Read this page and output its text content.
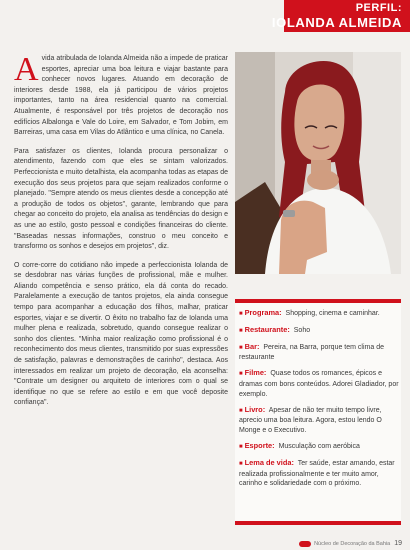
PERFIL:
IOLANDA ALMEIDA

Avida atribulada de Iolanda Almeida não a impede de praticar esportes, apreciar uma boa leitura e viajar bastante para conhecer novos lugares. Atuando em decoração de interiores desde 1988, ela já participou de vários projetos importantes, tanto na área residencial quanto na comercial. Atualmente, é responsável por três projetos de decoração nos edifícios Albalonga e Vale do Loire, em Salvador, e Tom Jobim, em Barreiras, uma casa em Vilas do Atlântico e uma clínica, no Canela.

Para satisfazer os clientes, Iolanda procura personalizar o atendimento, fazendo com que eles se sintam valorizados. Perfeccionista e muito detalhista, ela acompanha todas as etapas de execução dos seus projetos para que sejam realizados conforme o planejado. "Sempre atendo os meus clientes desde a concepção até a produção de todos os objetos", garante, lembrando que para chegar ao conceito do projeto, ela analisa as tendências do design e as une ao estilo, gosto pessoal e condições financeiras do cliente. "Baseadas nessas informações, construo o meu conceito e transformo os sonhos e desejos em projetos", diz.

O corre-corre do cotidiano não impede a perfeccionista Iolanda de se desdobrar nas várias funções de profissional, mãe e mulher. Aliando competência e senso prático, ela dá conta do recado. Paralelamente a execução de tantos projetos, ela ainda consegue tempo para acompanhar a educação dos filhos, malhar, praticar esportes, viajar e se divertir. O êxito no trabalho faz de Iolanda uma mulher plena e realizada, sobretudo, quando consegue realizar o sonho dos clientes. "Minha maior realização como profissional é o reconhecimento dos meus clientes, transmitido por suas expressões de satisfação, palavras e demonstrações de carinho", destaca. Aos interessados em realizar um projeto de decoração, ela aconselha: "Contrate um designer ou arquiteto de interiores com o qual se identifique no que se refere ao estilo e em que você deposite confiança".

■ Programa: Shopping, cinema e caminhar.
■ Restaurante: Soho
■ Bar: Pereira, na Barra, porque tem clima de restaurante
■ Filme: Quase todos os romances, épicos e dramas com bons conteúdos. Adorei Gladiador, por exemplo.
■ Livro: Apesar de não ter muito tempo livre, aprecio uma boa leitura. Agora, estou lendo O Monge e o Executivo.
■ Esporte: Musculação com aeróbica
■ Lema de vida: Ter saúde, estar amando, estar realizada profissionalmente e ter muito amor, carinho e solidariedade com o próximo.
Núcleo de Decoração da Bahia 19
